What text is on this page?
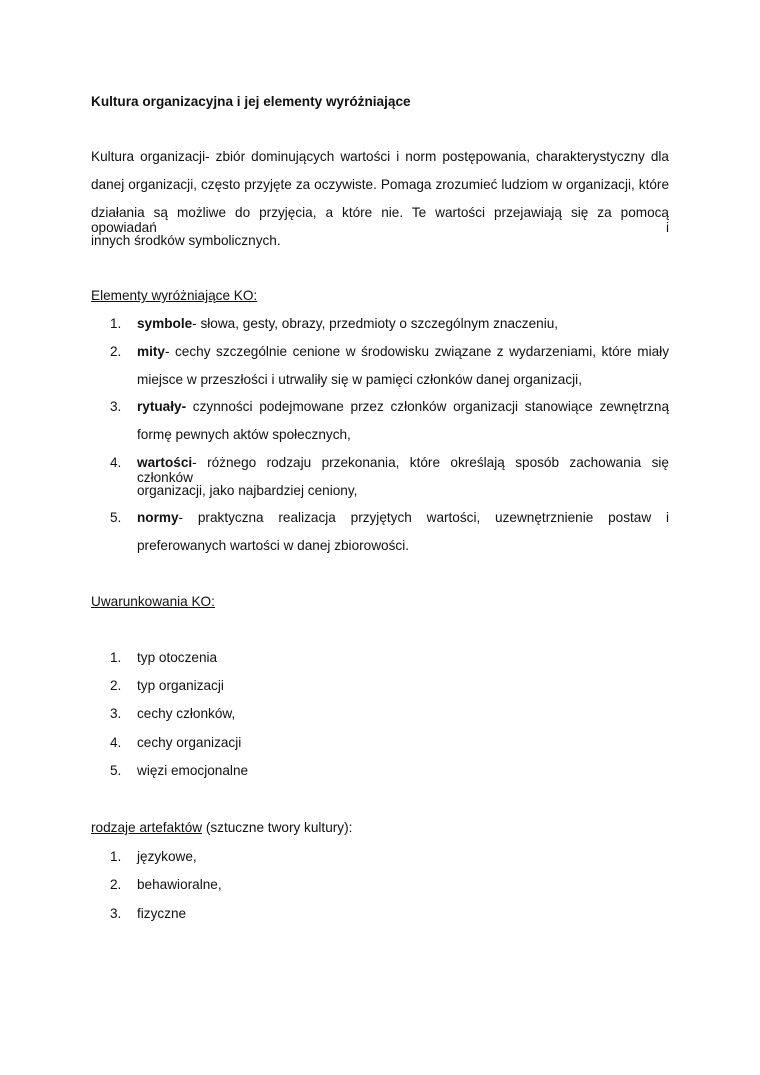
Kultura organizacyjna i jej elementy wyróżniające
Kultura organizacji- zbiór dominujących wartości i norm postępowania, charakterystyczny dla
danej organizacji, często przyjęte za oczywiste. Pomaga zrozumieć ludziom w organizacji, które
działania są możliwe do przyjęcia, a które nie. Te wartości przejawiają się za pomocą opowiadań i
innych środków symbolicznych.
Elementy wyróżniające KO:
1. symbole- słowa, gesty, obrazy, przedmioty o szczególnym znaczeniu,
2. mity- cechy szczególnie cenione w środowisku związane z wydarzeniami, które miały
miejsce w przeszłości i utrwaliły się w pamięci członków danej organizacji,
3. rytuały- czynności podejmowane przez członków organizacji stanowiące zewnętrzną
formę pewnych aktów społecznych,
4. wartości- różnego rodzaju przekonania, które określają sposób zachowania się członków
organizacji, jako najbardziej ceniony,
5. normy- praktyczna realizacja przyjętych wartości, uzewnętrznienie postaw i
preferowanych wartości w danej zbiorowości.
Uwarunkowania KO:
1. typ otoczenia
2. typ organizacji
3. cechy członków,
4. cechy organizacji
5. więzi emocjonalne
rodzaje artefaktów (sztuczne twory kultury):
1. językowe,
2. behawioralne,
3. fizyczne
